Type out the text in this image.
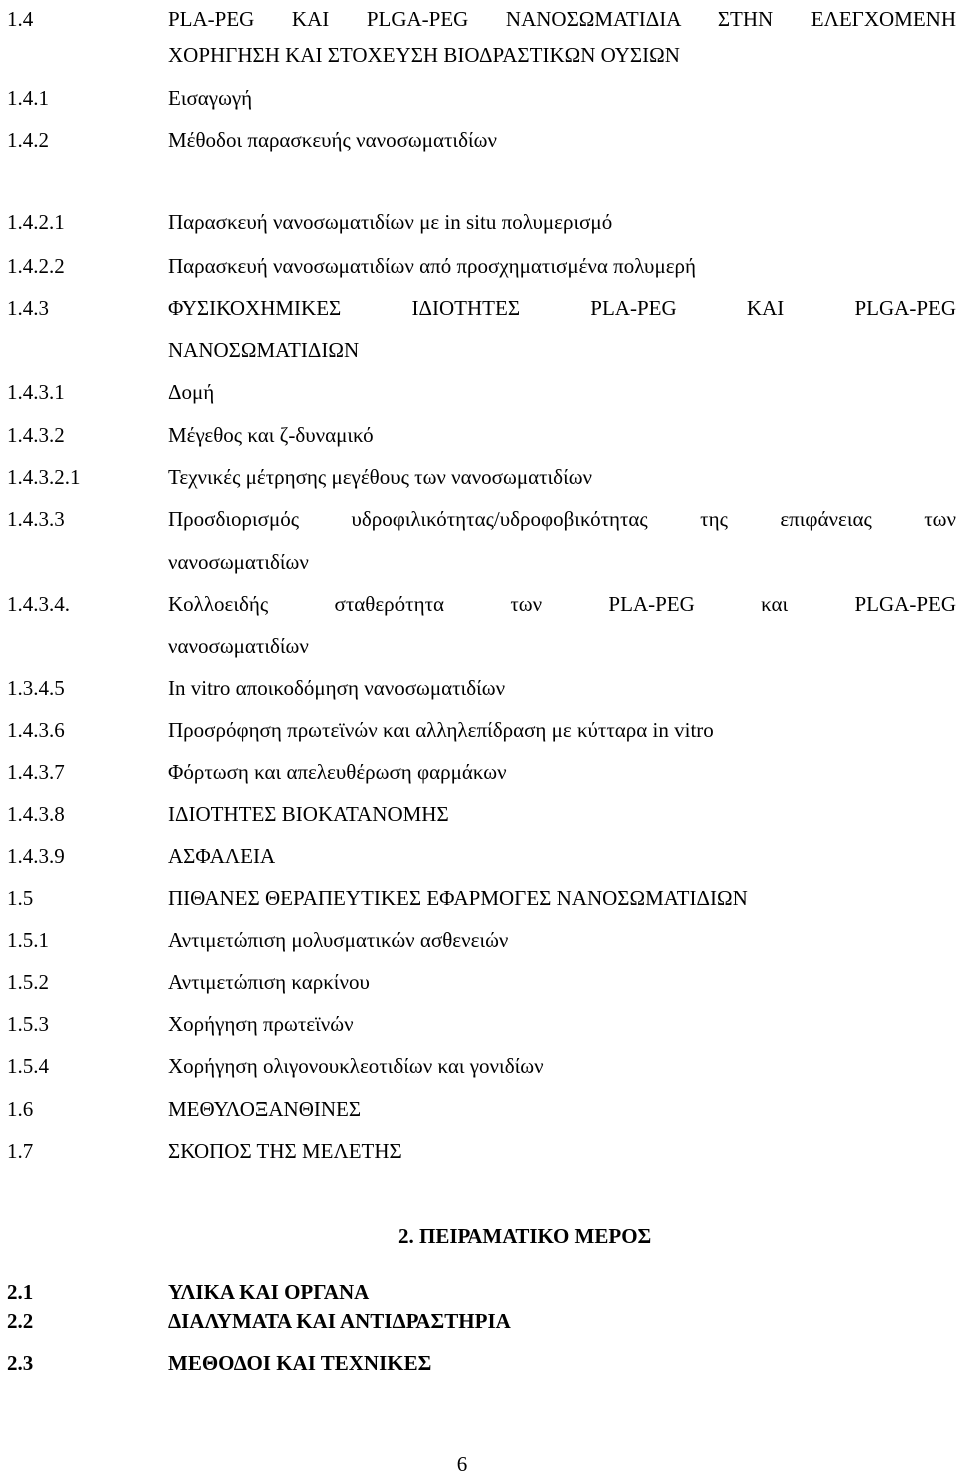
1.4	PLA-PEG ΚΑΙ PLGA-PEG ΝΑΝΟΣΩΜΑΤΙΔΙΑ ΣΤΗΝ ΕΛΕΓΧΟΜΕΝΗ
ΧΟΡΗΓΗΣΗ ΚΑΙ ΣΤΟΧΕΥΣΗ ΒΙΟΔΡΑΣΤΙΚΩΝ ΟΥΣΙΩΝ
1.4.1	Εισαγωγή
1.4.2	Μέθοδοι παρασκευής νανοσωματιδίων
1.4.2.1	Παρασκευή νανοσωματιδίων με in situ πολυμερισμό
1.4.2.2	Παρασκευή νανοσωματιδίων από προσχηματισμένα πολυμερή
1.4.3	ΦΥΣΙΚΟΧΗΜΙΚΕΣ ΙΔΙΟΤΗΤΕΣ PLA-PEG ΚΑΙ PLGA-PEG
ΝΑΝΟΣΩΜΑΤΙΔΙΩΝ
1.4.3.1	Δομή
1.4.3.2	Μέγεθος και ζ-δυναμικό
1.4.3.2.1	Τεχνικές μέτρησης μεγέθους των νανοσωματιδίων
1.4.3.3	Προσδιορισμός υδροφιλικότητας/υδροφοβικότητας της επιφάνειας των
νανοσωματιδίων
1.4.3.4.	Κολλοειδής σταθερότητα των PLA-PEG και PLGA-PEG
νανοσωματιδίων
1.3.4.5	In vitro αποικοδόμηση νανοσωματιδίων
1.4.3.6	Προσρόφηση πρωτεϊνών και αλληλεπίδραση με κύτταρα in vitro
1.4.3.7	Φόρτωση και απελευθέρωση φαρμάκων
1.4.3.8	ΙΔΙΟΤΗΤΕΣ ΒΙΟΚΑΤΑΝΟΜΗΣ
1.4.3.9	ΑΣΦΑΛΕΙΑ
1.5	ΠΙΘΑΝΕΣ ΘΕΡΑΠΕΥΤΙΚΕΣ ΕΦΑΡΜΟΓΕΣ ΝΑΝΟΣΩΜΑΤΙΔΙΩΝ
1.5.1	Αντιμετώπιση μολυσματικών ασθενειών
1.5.2	Αντιμετώπιση καρκίνου
1.5.3	Χορήγηση πρωτεϊνών
1.5.4	Χορήγηση ολιγονουκλεοτιδίων και γονιδίων
1.6	ΜΕΘΥΛΟΞΑΝΘΙΝΕΣ
1.7	ΣΚΟΠΟΣ ΤΗΣ ΜΕΛΕΤΗΣ
2. ΠΕΙΡΑΜΑΤΙΚΟ ΜΕΡΟΣ
2.1	ΥΛΙΚΑ ΚΑΙ ΟΡΓΑΝΑ
2.2	ΔΙΑΛΥΜΑΤΑ ΚΑΙ ΑΝΤΙΔΡΑΣΤΗΡΙΑ
2.3	ΜΕΘΟΔΟΙ ΚΑΙ ΤΕΧΝΙΚΕΣ
6
